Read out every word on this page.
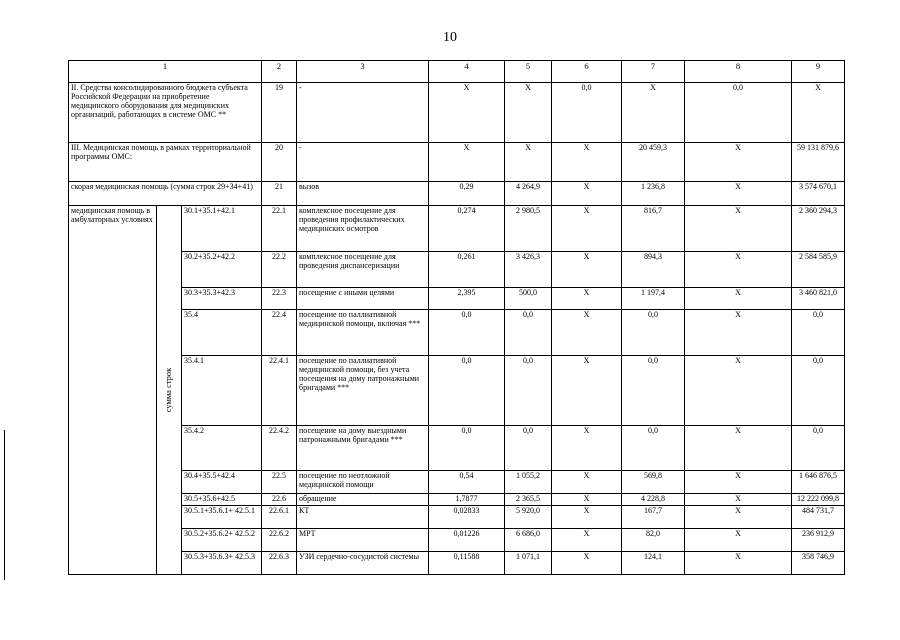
10
1			2	3	4	5	6	7	8	9	
II. Средства консолидированного бюджета субъекта Российской Федерации на приобретение медицинского оборудования для медицинских организаций, работающих в системе ОМС **			19	-	Х	Х	0,0	Х	0,0	Х	
III. Медицинская помощь в рамках территориальной программы ОМС:			20	-	Х	Х	Х	20 459,3	Х	59 131 879,6	
скорая медицинская помощь (сумма строк 29+34+41)			21	вызов	0,29	4 264,9	Х	1 236,8	Х	3 574 670,1	
медицинская помощь в амбулаторных условиях	сумма строк	30.1+35.1+42.1	22.1	комплексное посещение для проведения профилактических медицинских осмотров	0,274	2 980,5	Х	816,7	Х	2 360 294,3	
		30.2+35.2+42.2	22.2	комплексное посещение для проведения диспансеризации	0,261	3 426,3	Х	894,3	Х	2 584 585,9	
		30.3+35.3+42.3	22.3	посещение с иными целями	2,395	500,0	Х	1 197,4	Х	3 460 821,0	
		35.4	22.4	посещение по паллиативной медицинской помощи, включая ***	0,0	0,0	Х	0,0	Х	0,0	
		35.4.1	22.4.1	посещение по паллиативной медицинской помощи, без учета посещения на дому патронажными бригадами ***	0,0	0,0	Х	0,0	Х	0,0	
		35.4.2	22.4.2	посещение на дому выездными патронажными бригадами ***	0,0	0,0	Х	0,0	Х	0,0	
		30.4+35.5+42.4	22.5	посещение по неотложной медицинской помощи	0,54	1 055,2	Х	569,8	Х	1 646 876,5	
		30.5+35.6+42.5	22.6	обращение	1,7877	2 365,5	Х	4 228,8	Х	12 222 099,8	
		30.5.1+35.6.1+ 42.5.1	22.6.1	КТ	0,02833	5 920,0	Х	167,7	Х	484 731,7	
		30.5.2+35.6.2+ 42.5.2	22.6.2	МРТ	0,01226	6 686,0	Х	82,0	Х	236 912,9	
		30.5.3+35.6.3+ 42.5.3	22.6.3	УЗИ сердечно-сосудистой системы	0,11588	1 071,1	Х	124,1	Х	358 746,9	
